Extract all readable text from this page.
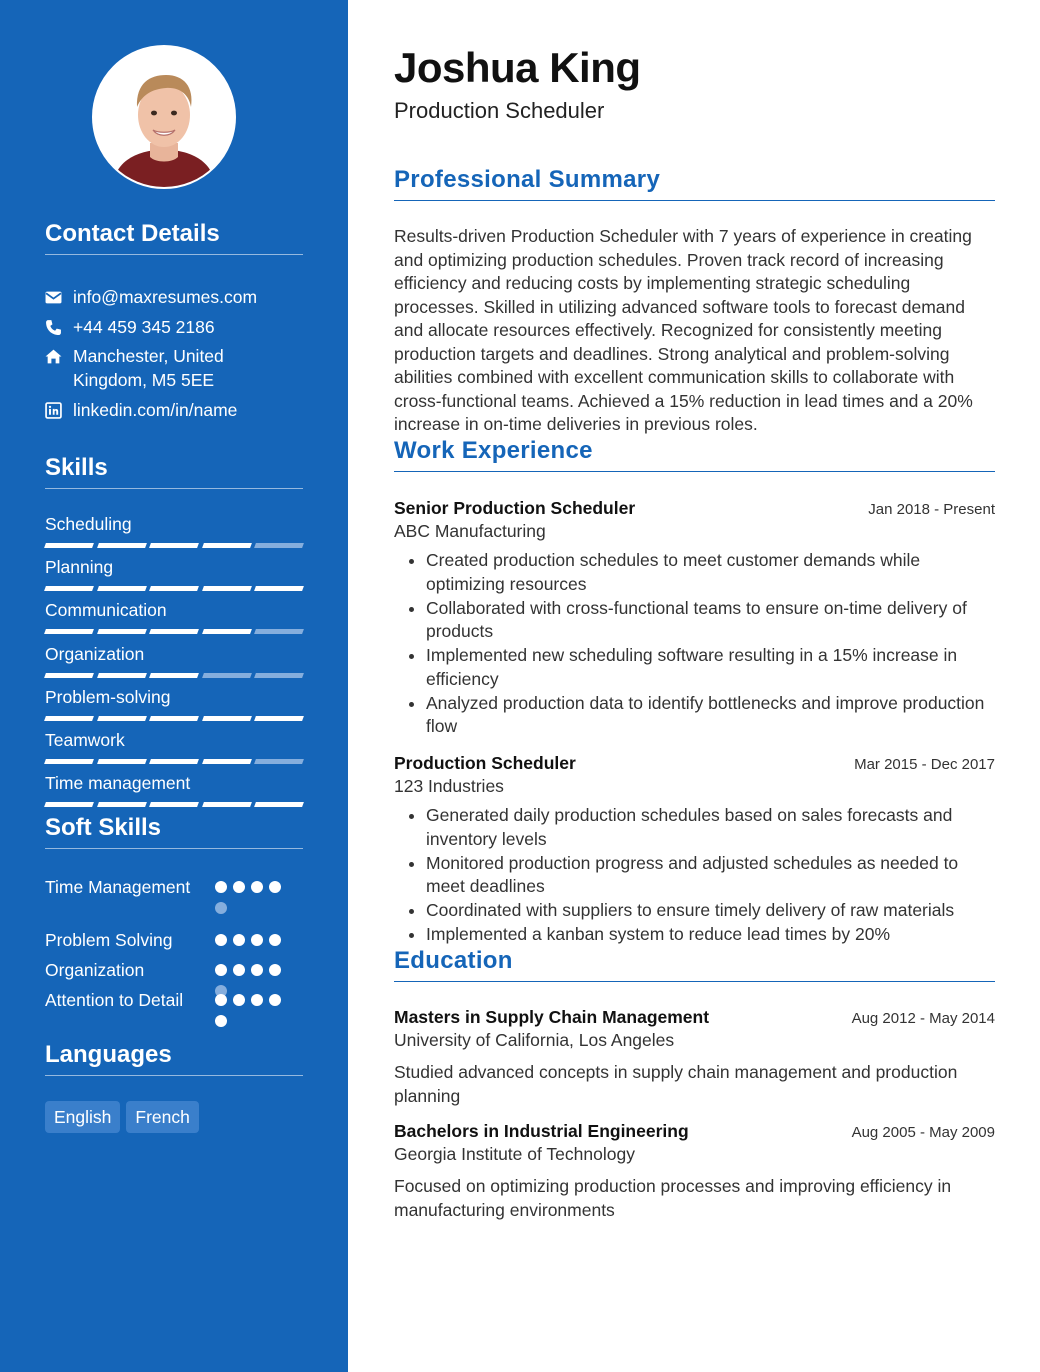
Contact Details
info@maxresumes.com
+44 459 345 2186
Manchester, United Kingdom, M5 5EE
linkedin.com/in/name
Skills
Scheduling
Planning
Communication
Organization
Problem-solving
Teamwork
Time management
Soft Skills
Time Management
Problem Solving
Organization
Attention to Detail
Languages
English	French
Joshua King
Production Scheduler
Professional Summary

Results-driven Production Scheduler with 7 years of experience in creating and optimizing production schedules. Proven track record of increasing efficiency and reducing costs by implementing strategic scheduling processes. Skilled in utilizing advanced software tools to forecast demand and allocate resources effectively. Recognized for consistently meeting production targets and deadlines. Strong analytical and problem-solving abilities combined with excellent communication skills to collaborate with cross-functional teams. Achieved a 15% reduction in lead times and a 20% increase in on-time deliveries in previous roles.

Work Experience
Senior Production Scheduler	Jan 2018 - Present
ABC Manufacturing
• Created production schedules to meet customer demands while optimizing resources
• Collaborated with cross-functional teams to ensure on-time delivery of products
• Implemented new scheduling software resulting in a 15% increase in efficiency
• Analyzed production data to identify bottlenecks and improve production flow
Production Scheduler	Mar 2015 - Dec 2017
123 Industries
• Generated daily production schedules based on sales forecasts and inventory levels
• Monitored production progress and adjusted schedules as needed to meet deadlines
• Coordinated with suppliers to ensure timely delivery of raw materials
• Implemented a kanban system to reduce lead times by 20%
Education
Masters in Supply Chain Management	Aug 2012 - May 2014
University of California, Los Angeles
Studied advanced concepts in supply chain management and production planning
Bachelors in Industrial Engineering	Aug 2005 - May 2009
Georgia Institute of Technology
Focused on optimizing production processes and improving efficiency in manufacturing environments
